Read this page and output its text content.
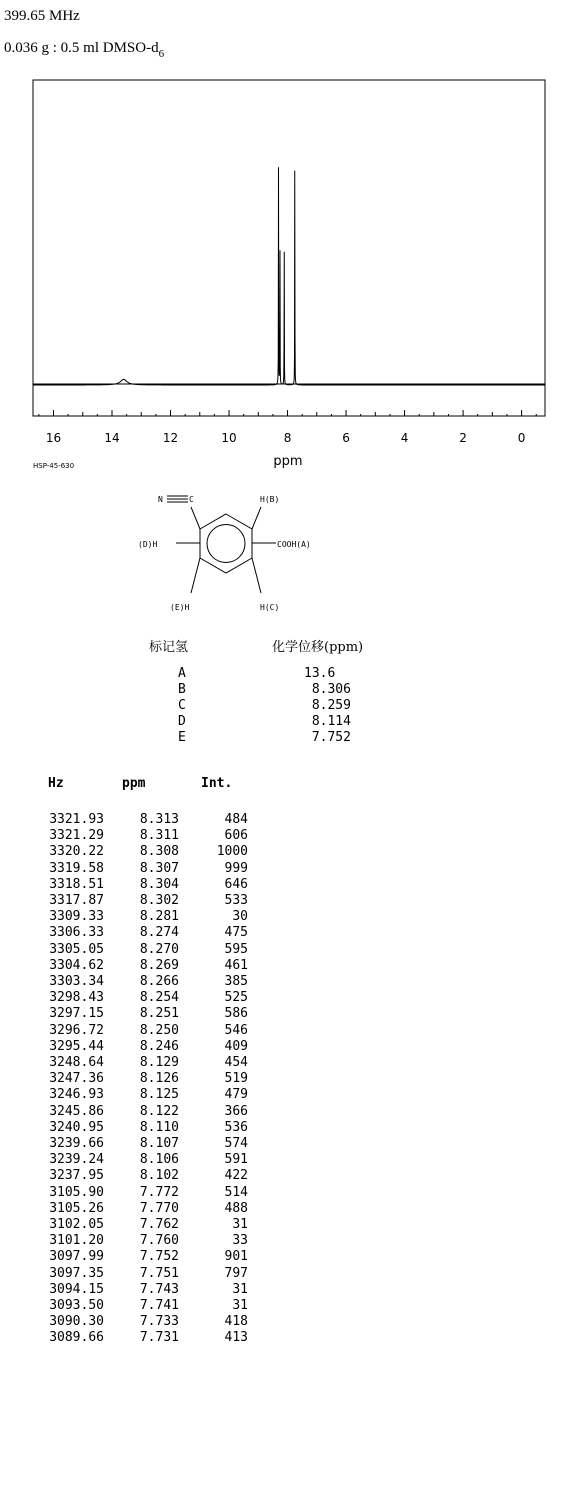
399.65 MHz
0.036 g : 0.5 ml DMSO-$d_6$
16	14	12	10	8	6	4	2	0
ppm
HSP-45-630
N	C	H(B)
(D)H	COOH(A)
(E)H	H(C)
标记氢	化学位移(ppm)
A	13.6
B	8.306
C	8.259
D	8.114
E	7.752
Hz	ppm	Int.
3321.93	8.313	484
3321.29	8.311	606
3320.22	8.308	1000
3319.58	8.307	999
3318.51	8.304	646
3317.87	8.302	533
3309.33	8.281	30
3306.33	8.274	475
3305.05	8.270	595
3304.62	8.269	461
3303.34	8.266	385
3298.43	8.254	525
3297.15	8.251	586
3296.72	8.250	546
3295.44	8.246	409
3248.64	8.129	454
3247.36	8.126	519
3246.93	8.125	479
3245.86	8.122	366
3240.95	8.110	536
3239.66	8.107	574
3239.24	8.106	591
3237.95	8.102	422
3105.90	7.772	514
3105.26	7.770	488
3102.05	7.762	31
3101.20	7.760	33
3097.99	7.752	901
3097.35	7.751	797
3094.15	7.743	31
3093.50	7.741	31
3090.30	7.733	418
3089.66	7.731	413
